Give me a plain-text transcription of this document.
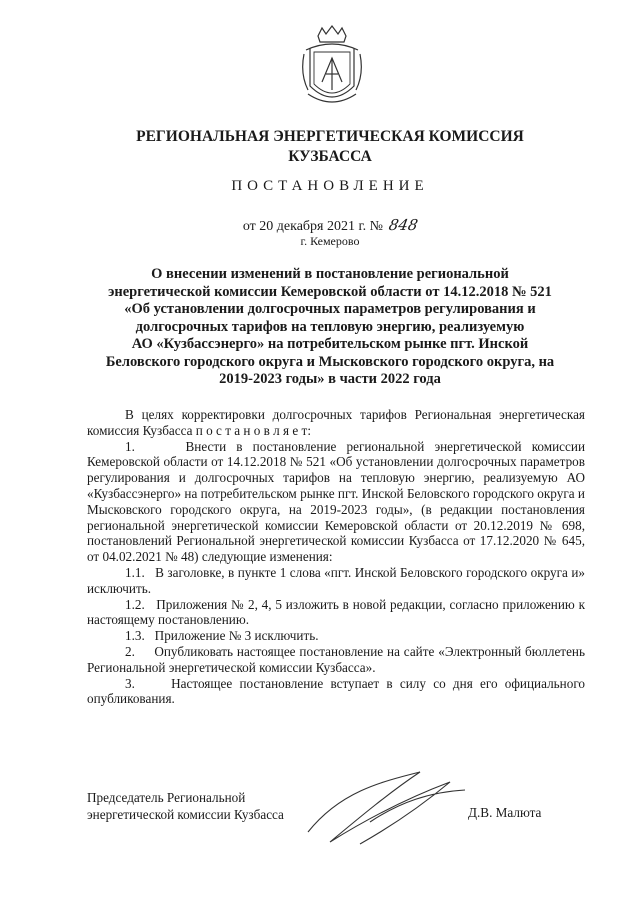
РЕГИОНАЛЬНАЯ ЭНЕРГЕТИЧЕСКАЯ КОМИССИЯ
КУЗБАССА
ПОСТАНОВЛЕНИЕ
от 20 декабря 2021 г. № 848
г. Кемерово
О внесении изменений в постановление региональной
энергетической комиссии Кемеровской области от 14.12.2018 № 521
«Об установлении долгосрочных параметров регулирования и
долгосрочных тарифов на тепловую энергию, реализуемую
АО «Кузбассэнерго» на потребительском рынке пгт. Инской
Беловского городского округа и Мысковского городского округа, на
2019-2023 годы» в части 2022 года

В целях корректировки долгосрочных тарифов Региональная энергетическая комиссия Кузбасса п о с т а н о в л я е т:

1.     Внести в постановление региональной энергетической комиссии Кемеровской области от 14.12.2018 № 521 «Об установлении долгосрочных параметров регулирования и долгосрочных тарифов на тепловую энергию, реализуемую АО «Кузбассэнерго» на потребительском рынке пгт. Инской Беловского городского округа и Мысковского городского округа, на 2019-2023 годы», (в редакции постановления региональной энергетической комиссии Кемеровской области от 20.12.2019 № 698, постановлений Региональной энергетической комиссии Кузбасса от 17.12.2020 № 645, от 04.02.2021 № 48) следующие изменения:

1.1.   В заголовке, в пункте 1 слова «пгт. Инской Беловского городского округа и» исключить.

1.2.   Приложения № 2, 4, 5 изложить в новой редакции, согласно приложению к настоящему постановлению.

1.3.   Приложение № 3 исключить.

2.     Опубликовать настоящее постановление на сайте «Электронный бюллетень Региональной энергетической комиссии Кузбасса».

3.     Настоящее постановление вступает в силу со дня его официального опубликования.

Председатель Региональной
энергетической комиссии Кузбасса	Д.В. Малюта
